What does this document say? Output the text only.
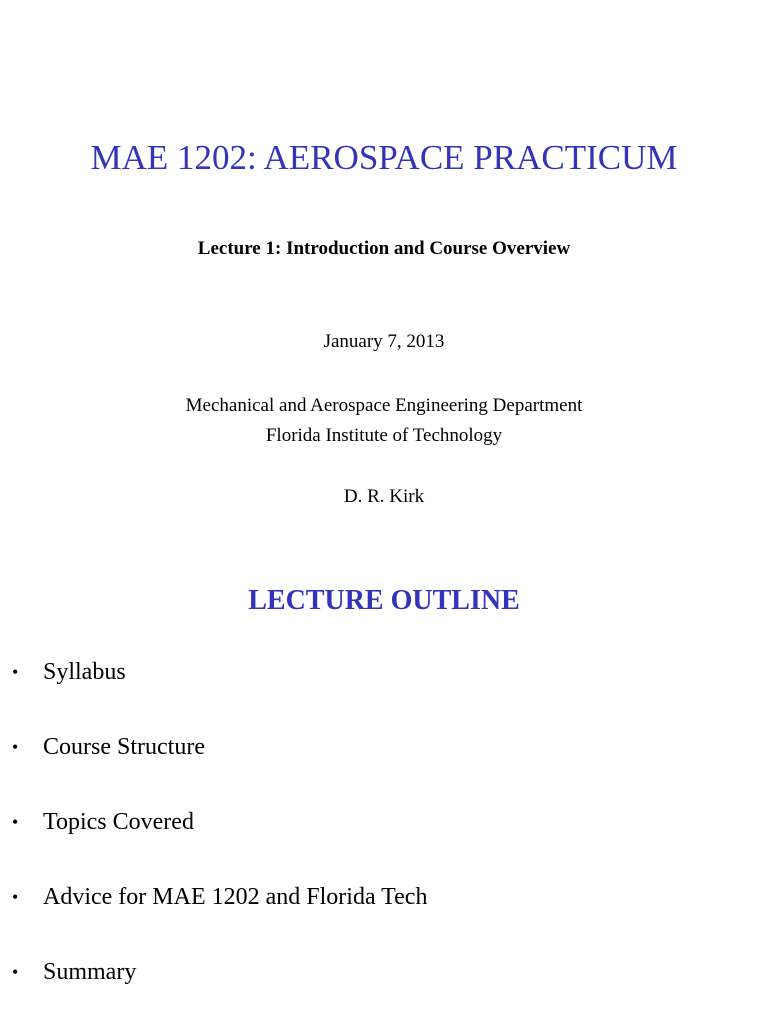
MAE 1202: AEROSPACE PRACTICUM

Lecture 1: Introduction and Course Overview

January 7, 2013

Mechanical and Aerospace Engineering Department
Florida Institute of Technology

D. R. Kirk

LECTURE OUTLINE
• Syllabus
• Course Structure
• Topics Covered
• Advice for MAE 1202 and Florida Tech
• Summary
